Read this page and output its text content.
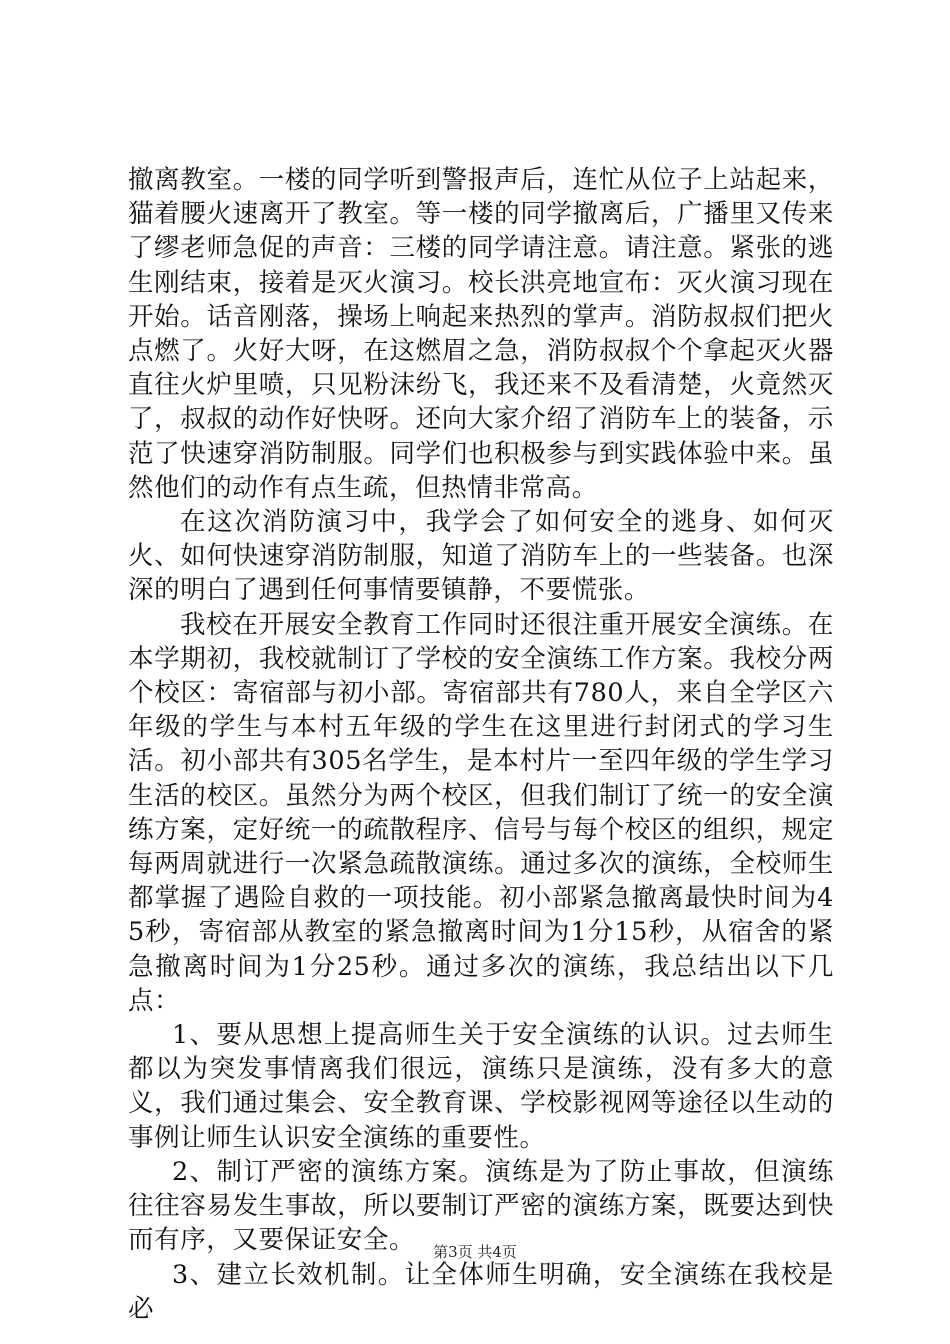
撤离教室。一楼的同学听到警报声后，连忙从位子上站起来，猫着腰火速离开了教室。等一楼的同学撤离后，广播里又传来了缪老师急促的声音：三楼的同学请注意。请注意。紧张的逃生刚结束，接着是灭火演习。校长洪亮地宣布：灭火演习现在开始。话音刚落，操场上响起来热烈的掌声。消防叔叔们把火点燃了。火好大呀，在这燃眉之急，消防叔叔个个拿起灭火器直往火炉里喷，只见粉沫纷飞，我还来不及看清楚，火竟然灭了，叔叔的动作好快呀。还向大家介绍了消防车上的装备，示范了快速穿消防制服。同学们也积极参与到实践体验中来。虽然他们的动作有点生疏，但热情非常高。

在这次消防演习中，我学会了如何安全的逃身、如何灭火、如何快速穿消防制服，知道了消防车上的一些装备。也深深的明白了遇到任何事情要镇静，不要慌张。

我校在开展安全教育工作同时还很注重开展安全演练。在本学期初，我校就制订了学校的安全演练工作方案。我校分两个校区：寄宿部与初小部。寄宿部共有780人，来自全学区六年级的学生与本村五年级的学生在这里进行封闭式的学习生活。初小部共有305名学生，是本村片一至四年级的学生学习生活的校区。虽然分为两个校区，但我们制订了统一的安全演练方案，定好统一的疏散程序、信号与每个校区的组织，规定每两周就进行一次紧急疏散演练。通过多次的演练，全校师生都掌握了遇险自救的一项技能。初小部紧急撤离最快时间为45秒，寄宿部从教室的紧急撤离时间为1分15秒，从宿舍的紧急撤离时间为1分25秒。通过多次的演练，我总结出以下几点：

1、要从思想上提高师生关于安全演练的认识。过去师生都以为突发事情离我们很远，演练只是演练，没有多大的意义，我们通过集会、安全教育课、学校影视网等途径以生动的事例让师生认识安全演练的重要性。

2、制订严密的演练方案。演练是为了防止事故，但演练往往容易发生事故，所以要制订严密的演练方案，既要达到快而有序，又要保证安全。

3、建立长效机制。让全体师生明确，安全演练在我校是必

第3页 共4页
